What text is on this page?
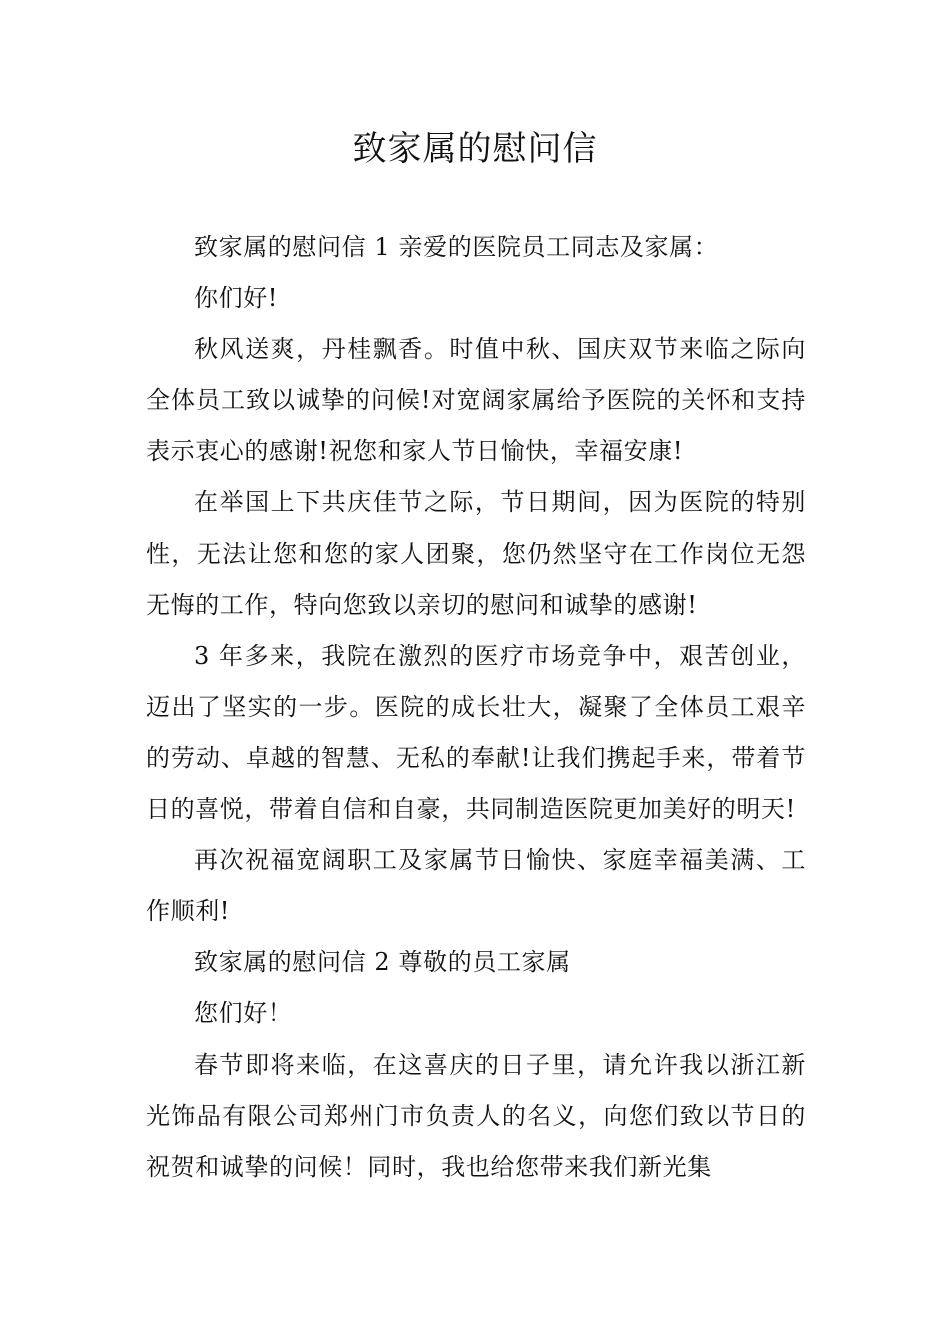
致家属的慰问信

致家属的慰问信 1 亲爱的医院员工同志及家属：

你们好!

秋风送爽，丹桂飘香。时值中秋、国庆双节来临之际向全体员工致以诚挚的问候!对宽阔家属给予医院的关怀和支持表示衷心的感谢!祝您和家人节日愉快，幸福安康!

在举国上下共庆佳节之际，节日期间，因为医院的特别性，无法让您和您的家人团聚，您仍然坚守在工作岗位无怨无悔的工作，特向您致以亲切的慰问和诚挚的感谢!

3 年多来，我院在激烈的医疗市场竞争中，艰苦创业，迈出了坚实的一步。医院的成长壮大，凝聚了全体员工艰辛的劳动、卓越的智慧、无私的奉献!让我们携起手来，带着节日的喜悦，带着自信和自豪，共同制造医院更加美好的明天!

再次祝福宽阔职工及家属节日愉快、家庭幸福美满、工作顺利!

致家属的慰问信 2 尊敬的员工家属

您们好！

春节即将来临，在这喜庆的日子里，请允许我以浙江新光饰品有限公司郑州门市负责人的名义，向您们致以节日的祝贺和诚挚的问候！同时，我也给您带来我们新光集
